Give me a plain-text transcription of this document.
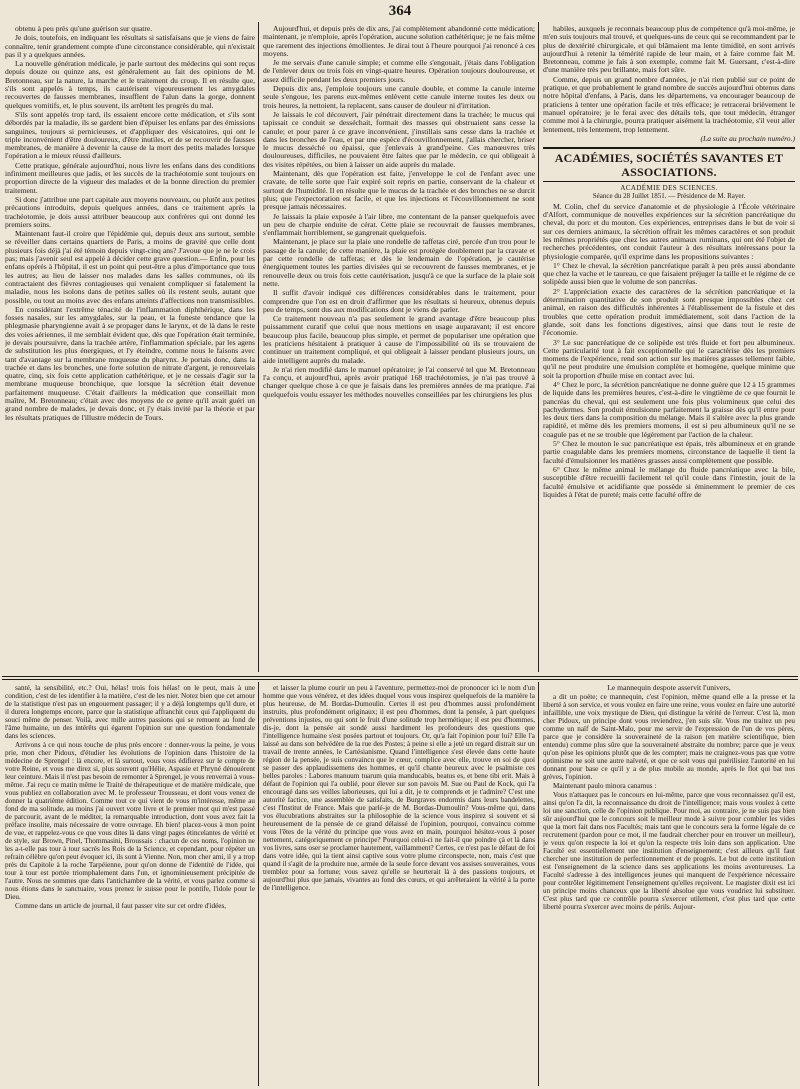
364

obtenu à peu près qu'une guérison sur quatre.

Je dois, toutefois, en indiquant les résultats si satisfaisans que je viens de faire connaître, tenir grandement compte d'une circonstance considérable, qui n'existait pas il y a quelques années.

La nouvelle génération médicale, je parle surtout des médecins qui sont reçus depuis douze ou quinze ans, est généralement au fait des opinions de M. Bretonneau, sur la nature, la marche et le traitement du croup. Il en résulte que, s'ils sont appelés à temps, ils cautérisent vigoureusement les amygdales recouvertes de fausses membranes, insufflent de l'alun dans la gorge, donnent quelques vomitifs, et, le plus souvent, ils arrêtent les progrès du mal.

S'ils sont appelés trop tard, ils essaient encore cette médication, et s'ils sont débordés par la maladie, ils se gardent bien d'épuiser les enfans par des émissions sanguines, toujours si pernicieuses, et d'appliquer des vésicatoires, qui ont le triple inconvénient d'être douloureux, d'être inutiles, et de se recouvrir de fausses membranes, de manière à devenir la cause de la mort des petits malades lorsque l'opération a le mieux réussi d'ailleurs.

Cette pratique, générale aujourd'hui, nous livre les enfans dans des conditions infiniment meilleures que jadis, et les succès de la trachéotomie sont toujours en proportion directe de la vigueur des malades et de la bonne direction du premier traitement.

Si donc j'attribue une part capitale aux moyens nouveaux, ou plutôt aux petites précautions introduits, depuis quelques années, dans ce traitement après la trachéotomie, je dois aussi attribuer beaucoup aux confrères qui ont donné les premiers soins.

Maintenant faut-il croire que l'épidémie qui, depuis deux ans surtout, semble se réveiller dans certains quartiers de Paris, a moins de gravité que celle dont plusieurs fois déjà j'ai été témoin depuis vingt-cinq ans? J'avoue que je ne le crois pas; mais j'avenir seul est appelé à décider cette grave question.— Enfin, pour les enfans opérés à l'hôpital, il est un point qui peut-être a plus d'importance que tous les autres; au lieu de laisser nos malades dans les salles communes, où ils contractaient des fièvres contagieuses qui venaient compliquer si fatalement la maladie, nous les isolons dans de petites salles où ils restent seuls, autant que possible, ou tout au moins avec des enfans atteints d'affections non transmissibles.

En considérant l'extrême ténacité de l'inflammation diphthérique, dans les fosses nasales, sur les amygdales, sur la peau, et la funeste tendance que la phlegmasie pharyngienne avait à se propager dans le larynx, et de là dans le reste des voies aériennes, il me semblait évident que, dès que l'opération était terminée, je devais poursuivre, dans la trachée artère, l'inflammation spéciale, par les agens de substitution les plus énergiques, et l'y éteindre, comme nous le faisons avec tant d'avantage sur la membrane muqueuse du pharynx. Je portais donc, dans la trachée et dans les bronches, une forte solution de nitrate d'argent, je renouvelais quatre, cinq, six fois cette application cathétérique, et je ne cessais d'agir sur la membrane muqueuse bronchique, que lorsque la sécrétion était devenue parfaitement muqueuse. C'était d'ailleurs la médication que conseillait mon maître, M. Bretonneau; c'était avec des moyens de ce genre qu'il avait guéri un grand nombre de malades, je devais donc, et j'y étais invité par la théorie et par les résultats pratiques de l'illustre médecin de Tours.

Aujourd'hui, et depuis près de dix ans, j'ai complètement abandonné cette médication; maintenant, je n'emploie, après l'opération, aucune solution cathétérique; je ne fais même que rarement des injections émollientes. Je dirai tout à l'heure pourquoi j'ai renoncé à ces moyens.

Je me servais d'une canule simple; et comme elle s'engouait, j'étais dans l'obligation de l'enlever deux ou trois fois en vingt-quatre heures. Opération toujours douloureuse, et assez difficile pendant les deux premiers jours.

Depuis dix ans, j'emploie toujours une canule double, et comme la canule interne seule s'engoue, les parens eux-mêmes enlèvent cette canule interne toutes les deux ou trois heures, la nettoient, la replacent, sans causer de douleur ni d'irritation.

Je laissais le col découvert, j'air pénétrait directement dans la trachée; le mucus qui tapissait ce conduit se desséchait, formait des masses qui obstruaient sans cesse la canule; et pour parer à ce grave inconvénient, j'instillais sans cesse dans la trachée et dans les bronches de l'eau, et par une espèce d'écouvillonnement, j'allais chercher, briser le mucus desséché ou épaissi, que j'enlevais à grand'peine. Ces manœuvres très douloureuses, difficiles, ne pouvaient être faites que par le médecin, ce qui obligeait à des visites répétées, ou bien à laisser un aide auprès du malade.

Maintenant, dès que l'opération est faite, j'enveloppe le col de l'enfant avec une cravate, de telle sorte que l'air expiré soit repris en partie, conservant de la chaleur et surtout de l'humidité. Il en résulte que le mucus de la trachée et des bronches ne se durcit plus; que l'expectoration est facile, et que les injections et l'écouvillonnement ne sont presque jamais nécessaires.

Je laissais la plaie exposée à l'air libre, me contentant de la panser quelquefois avec un peu de charpie enduite de cérat. Cette plaie se recouvrait de fausses membranes, s'enflammait horriblement, se gangrenait quelquefois.

Maintenant, je place sur la plaie une rondelle de taffetas ciré, percée d'un trou pour le passage de la canule; de cette manière, la plaie est protégée doublement par la cravate et par cette rondelle de taffetas; et dès le lendemain de l'opération, je cautérise énergiquement toutes les parties divisées qui se recouvrent de fausses membranes, et je renouvelle deux ou trois fois cette cautérisation, jusqu'à ce que la surface de la plaie soit nette.

Il suffit d'avoir indiqué ces différences considérables dans le traitement, pour comprendre que l'on est en droit d'affirmer que les résultats si heureux, obtenus depuis peu de temps, sont dus aux modifications dont je viens de parler.

Ce traitement nouveau n'a pas seulement le grand avantage d'être beaucoup plus puissamment curatif que celui que nous mettions en usage auparavant; il est encore beaucoup plus facile, beaucoup plus simple, et permet de populariser une opération que les praticiens hésitaient à pratiquer à cause de l'impossibilité où ils se trouvaient de continuer un traitement compliqué, et qui obligeait à laisser pendant plusieurs jours, un aide intelligent auprès du malade.

Je n'ai rien modifié dans le manuel opératoire; je l'ai conservé tel que M. Bretonneau l'a conçu, et aujourd'hui, après avoir pratiqué 168 trachéotomies, je n'ai pas trouvé à changer quelque chose à ce que je faisais dans les premières années de ma pratique. J'ai quelquefois voulu essayer les méthodes nouvelles conseillées par les chirurgiens les plus

habiles, auxquels je reconnais beaucoup plus de compétence qu'à moi-même, je m'en suis toujours mal trouvé, et quelques-uns de ceux qui se recommandent par le plus de dextérité chirurgicale, et qui blâmaient ma lente timidité, en sont arrivés aujourd'hui à retenir la témérité rapide de leur main, et à faire comme fait M. Bretonneau, comme je fais à son exemple, comme fait M. Guersant, c'est-à-dire d'une manière très peu brillante, mais fort sûre.

Comme, depuis un grand nombre d'années, je n'ai rien publié sur ce point de pratique, et que probablement le grand nombre de succès aujourd'hui obtenus dans notre hôpital d'enfans, à Paris, dans les départemens, va encourager beaucoup de praticiens à tenter une opération facile et très efficace; je retracerai brièvement le manuel opératoire; je le ferai avec des détails tels, que tout médecin, étranger comme moi à la chirurgie, pourra pratiquer aisément la trachéotomie, s'il veut aller lentement, très lentement, trop lentement.

(La suite au prochain numéro.)
ACADÉMIES, SOCIÉTÉS SAVANTES ET ASSOCIATIONS.
ACADÉMIE DES SCIENCES.
Séance du 28 Juillet 1851. — Présidence de M. Rayer.

M. Colin, chef du service d'anatomie et de physiologie à l'École vétérinaire d'Alfort, communique de nouvelles expériences sur la sécrétion pancréatique du cheval, du porc et du mouton. Ces expériences, entreprises dans le but de voir si sur ces derniers animaux, la sécrétion offrait les mêmes caractères et son produit les mêmes propriétés que chez les autres animaux ruminans, qui ont été l'objet de recherches précédentes, ont conduit l'auteur à des résultats intéressans pour la physiologie comparée, qu'il exprime dans les propositions suivantes :

1° Chez le cheval, la sécrétion pancréatique paraît à peu près aussi abondante que chez la vache et le taureau, ce que faisaient préjuger la taille et le régime de ce solipède aussi bien que le volume de son pancréas.

2° L'appréciation exacte des caractères de la sécrétion pancréatique et la détermination quantitative de son produit sont presque impossibles chez cet animal, en raison des difficultés inhérentes à l'établissement de la fistule et des troubles que cette opération produit immédiatement, soit dans l'action de la glande, soit dans les fonctions digestives, ainsi que dans tout le reste de l'économie.

3° Le suc pancréatique de ce solipède est très fluide et fort peu albumineux. Cette particularité tout à fait exceptionnelle qui le caractérise dès les premiers momens de l'expérience, rend son action sur les matières grasses tellement faible, qu'il ne peut produire une émulsion complète et homogène, quelque minime que soit la proportion d'huile mise en contact avec lui.

4° Chez le porc, la sécrétion pancréatique ne donne guère que 12 à 15 grammes de liquide dans les premières heures, c'est-à-dire le vingtième de ce que fournit le pancréas du cheval, qui est seulement une fois plus volumineux que celui des pachydermes. Son produit émulsionne parfaitement la graisse dès qu'il entre pour les deux tiers dans la composition du mélange. Mais il s'altère avec la plus grande rapidité, et même dès les premiers momens, il est si peu albumineux qu'il ne se coagule pas et ne se trouble que légèrement par l'action de la chaleur.

5° Chez le mouton le suc pancréatique est épais, très albumineux et en grande partie coagulable dans les premiers momens, circonstance de laquelle il tient la faculté d'émulsionner les matières grasses aussi complètement que possible.

6° Chez le même animal le mélange du fluide pancréatique avec la bile, susceptible d'être recueilli facilement tel qu'il coule dans l'intestin, jouit de la faculté émulsive et acidifiante que possède si éminemment le premier de ces liquides à l'état de pureté; mais cette faculté offre de

santé, la sensibilité, etc.? Oui, hélas! trois fois hélas! on le peut, mais à une condition, c'est de les identifier à la matière, c'est de les nier. Notez bien que cet amour de la statistique n'est pas un engouement passager; il y a déjà longtemps qu'il dure, et il durera longtemps encore, parce que la statistique affranchit ceux qui l'appliquent du souci même de penser. Voilà, avec mille autres passions qui se remuent au fond de l'âme humaine, un des intérêts qui égarent l'opinion sur une question fondamentale dans les sciences.

Arrivons à ce qui nous touche de plus près encore : donner-vous la peine, je vous prie, mon cher Pidoux, d'étudier les évolutions de l'opinion dans l'histoire de la médecine de Sprengel : là encore, et là surtout, vous vous édifierez sur le compte de votre Reine, et vous me direz si, plus souvent qu'Hélie, Aspasie et Phryné dénouèrent leur ceinture. Mais il n'est pas besoin de remonter à Sprengel, je vous renverrai à vous-même. J'ai reçu ce matin même le Traité de thérapeutique et de matière médicale, que vous publiez en collaboration avec M. le professeur Trousseau, et dont vous venez de donner la quatrième édition. Comme tout ce qui vient de vous m'intéresse, même au fond de ma solitude, au moins j'ai ouvert votre livre et le premier mot qui m'est passé de parcourir, avant de le méditer, la remarquable introduction, dont vous avez fait la préface insolite, mais nécessaire de votre ouvrage. Eh bien! placez-vous à mon point de vue, et rappelez-vous ce que vous dites là dans vingt pages étincelantes de vérité et de style, sur Brown, Pinel, Thommasini, Broussais : chacun de ces noms, l'opinion ne les a-t-elle pas tour à tour sacrés les Rois de la Science, et cependant, pour répéter un refrain célèbre qu'on peut évoquer ici, ils sont à Vienne. Non, mon cher ami, il y a trop près du Capitole à la roche Tarpéienne, pour qu'on donne de l'identité de l'idée, qui tour à tour est portée triomphalement dans l'un, et ignominieusement précipitée de l'autre. Nous ne sommes que dans l'antichambre de la vérité, et vous parlez comme si nous étions dans le sanctuaire, vous prenez le suisse pour le pontife, l'idole pour le Dieu.

Comme dans un article de journal, il faut passer vite sur cet ordre d'idées,

et laisser la plume courir un peu à l'aventure, permettez-moi de prononcer ici le nom d'un homme que vous vénérez, et des idées duquel vous vous inspirez quelquefois de la manière la plus heureuse, de M. Bordas-Dumoulin. Certes il est peu d'hommes aussi profondément instruits, plus profondément originaux; il est peu d'hommes, dont la pensée, à part quelques préventions injustes, ou qui sont le fruit d'une solitude trop hermétique; il est peu d'hommes, dis-je, dont la pensée ait sondé aussi hardiment les profondeurs des questions que l'intelligence humaine s'est posées partout et toujours. Or, qu'a fait l'opinion pour lui? Elle l'a laissé au dans son belvédère de la rue des Postes; à peine si elle a jeté un regard distrait sur un travail de trente années, le Cartésianisme. Quand l'intelligence s'est élevée dans cette haute région de la pensée, je suis convaincu que le cœur, complice avec elle, trouve en soi de quoi se passer des applaudissemens des hommes, et qu'il chante heureux avec le psalmiste ces belles paroles : Labores manuum tuarum quia manducabis, beatus es, et bene tibi erit. Mais à défaut de l'opinion qui l'a oublié, pour élever sur son pavois M. Sue ou Paul de Kock, qui l'a encouragé dans ses veilles laborieuses, qui lui a dit, je te comprends et je t'admire? C'est une autorité factice, une assemblée de satisfaits, de Burgraves endormis dans leurs bandelettes, c'est l'Institut de France. Mais que parlé-je de M. Bordas-Dumoulin? Vous-même qui, dans vos élucubrations abstraites sur la philosophie de la science vous inspirez si souvent et si heureusement de la pensée de ce grand délaissé de l'opinion, pourquoi, convaincu comme vous l'êtes de la vérité du principe que vous avez en main, pourquoi hésitez-vous à poser nettement, catégoriquement ce principe? Pourquoi celui-ci ne fait-il que poindre çà et là dans vos livres, sans oser se proclamer hautement, vaillamment? Certes, ce n'est pas le défaut de foi dans votre idée, qui la tient ainsi captive sous votre plume circonspecte, non, mais c'est que quand il s'agit de la produire nue, armée de la seule force devant vos assises souveraines, vous tremblez pour sa fortune; vous savez qu'elle se heurterait là à des passions toujours, et aujourd'hui plus que jamais, vivantes au fond des cœurs, et qui arrêteraient la vérité à la porte de l'intelligence.

Le mannequin despote asservit l'univers,

a dit un poète; ce mannequin, c'est l'opinion, même quand elle a la presse et la liberté à son service, et vous voulez en faire une reine, vous voulez en faire une autorité infaillible, une voix mystique de Dieu, qui distingue la vérité de l'erreur. C'est là, mon cher Pidoux, un principe dont vous reviendrez, j'en suis sûr. Vous me traitez un peu comme un naïf de Saint-Malo, pour me servir de l'expression de l'un de vos pères, parce que je considère la souveraineté de la raison (en matière scientifique, bien entendu) comme plus sûre que la souveraineté abstraite du nombre; parce que je veux qu'on pèse les opinions plutôt que de les compter; mais ne craignez-vous pas que votre optimisme ne soit une autre naïveté, et que ce soit vous qui puérilisiez l'autorité en lui donnant pour base ce qu'il y a de plus mobile au monde, après le flot qui bat nos grèves, l'opinion.

Maintenant paulo minora canamus :

Vous n'attaquez pas le concours en lui-même, parce que vous reconnaissez qu'il est, ainsi qu'on l'a dit, la reconnaissance du droit de l'intelligence; mais vous voulez à cette loi une sanction, celle de l'opinion publique. Pour moi, au contraire, je ne suis pas bien sûr aujourd'hui que le concours soit le meilleur mode à suivre pour combler les vides que la mort fait dans nos Facultés; mais tant que le concours sera la forme légale de ce recrutement (pardon pour ce mot, il me faudrait chercher pour en trouver un meilleur), je veux qu'on respecte la loi et qu'on la respecte très loin dans son application. Une Faculté est essentiellement une institution d'enseignement; c'est ailleurs qu'il faut chercher une institution de perfectionnement et de progrès. Le but de cette institution est l'enseignement de la science dans ses applications les moins aventureuses. La Faculté s'adresse à des intelligences jeunes qui manquent de l'expérience nécessaire pour contrôler légitimement l'enseignement qu'elles reçoivent. Le magister dixit est ici un principe moins chanceux que la liberté absolue que vous voudriez lui substituer. C'est plus tard que ce contrôle pourra s'exercer utilement, c'est plus tard que cette liberté pourra s'exercer avec moins de périls. Aujour-
